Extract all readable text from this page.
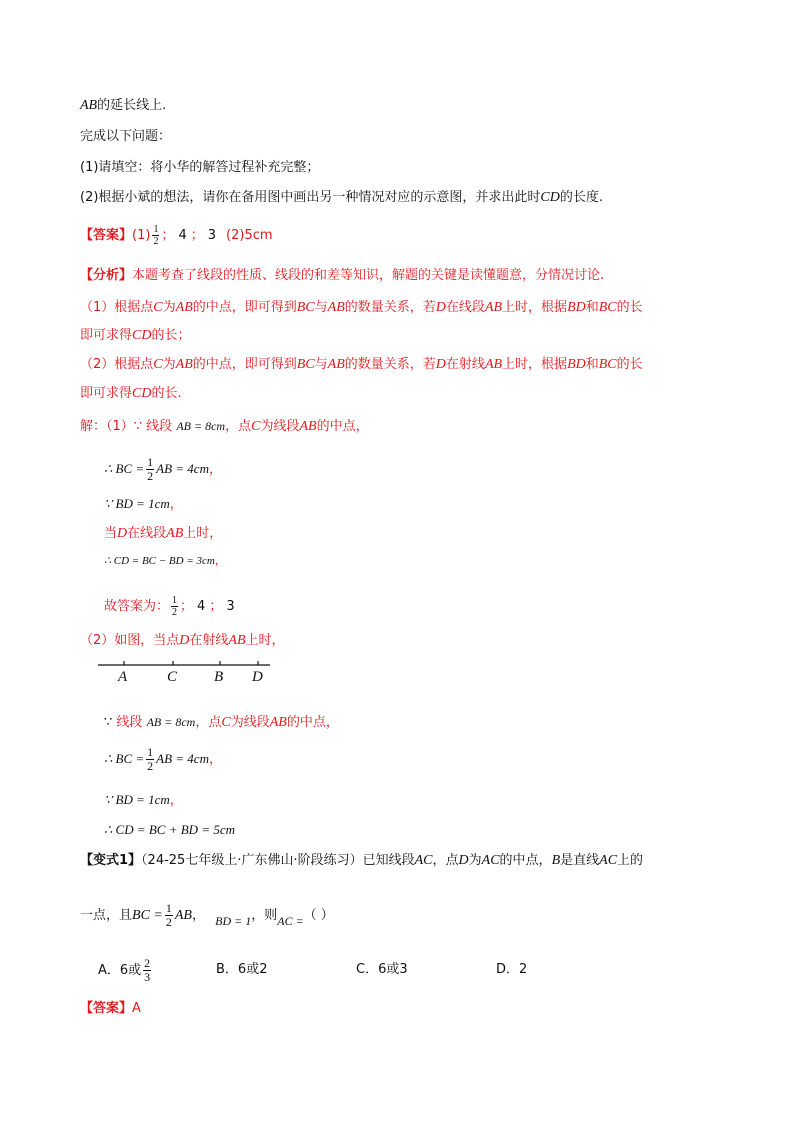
AB的延长线上.
完成以下问题：
(1)请填空：将小华的解答过程补充完整；
(2)根据小斌的想法，请你在备用图中画出另一种情况对应的示意图，并求出此时CD的长度.
【答案】$(1) \frac{1}{2}$ ； 4 ； 3 (2)5cm
【分析】本题考查了线段的性质、线段的和差等知识，解题的关键是读懂题意，分情况讨论.
（1）根据点C为AB的中点，即可得到BC与AB的数量关系，若D在线段AB上时，根据BD和BC的长
即可求得CD的长；
（2）根据点C为AB的中点，即可得到BC与AB的数量关系，若D在射线AB上时，根据BD和BC的长
即可求得CD的长.
解：（1）∵ 线段 AB = 8cm，点C为线段AB的中点，
∴ BC = $\frac{1}{2}$ AB = 4cm，
∵ BD = 1cm，
当D在线段AB上时，
∴ CD = BC − BD = 3cm，
故答案为： $\frac{1}{2}$ ； 4 ； 3
（2）如图，当点D在射线AB上时，
A	C B D
∵ 线段 AB = 8cm，点C为线段AB的中点，
∴ BC = $\frac{1}{2}$ AB = 4cm，
∵ BD = 1cm，
∴ CD = BC + BD = 5cm
【变式1】（24-25七年级上·广东佛山·阶段练习）已知线段AC，点D为AC的中点，B是直线AC上的
一点，且BC = $\frac{1}{2}$ AB， BD = 1，则AC =（ ）
A．6或 $\frac{2}{3}$	B．6或2	C．6或3	D．2
【答案】A
